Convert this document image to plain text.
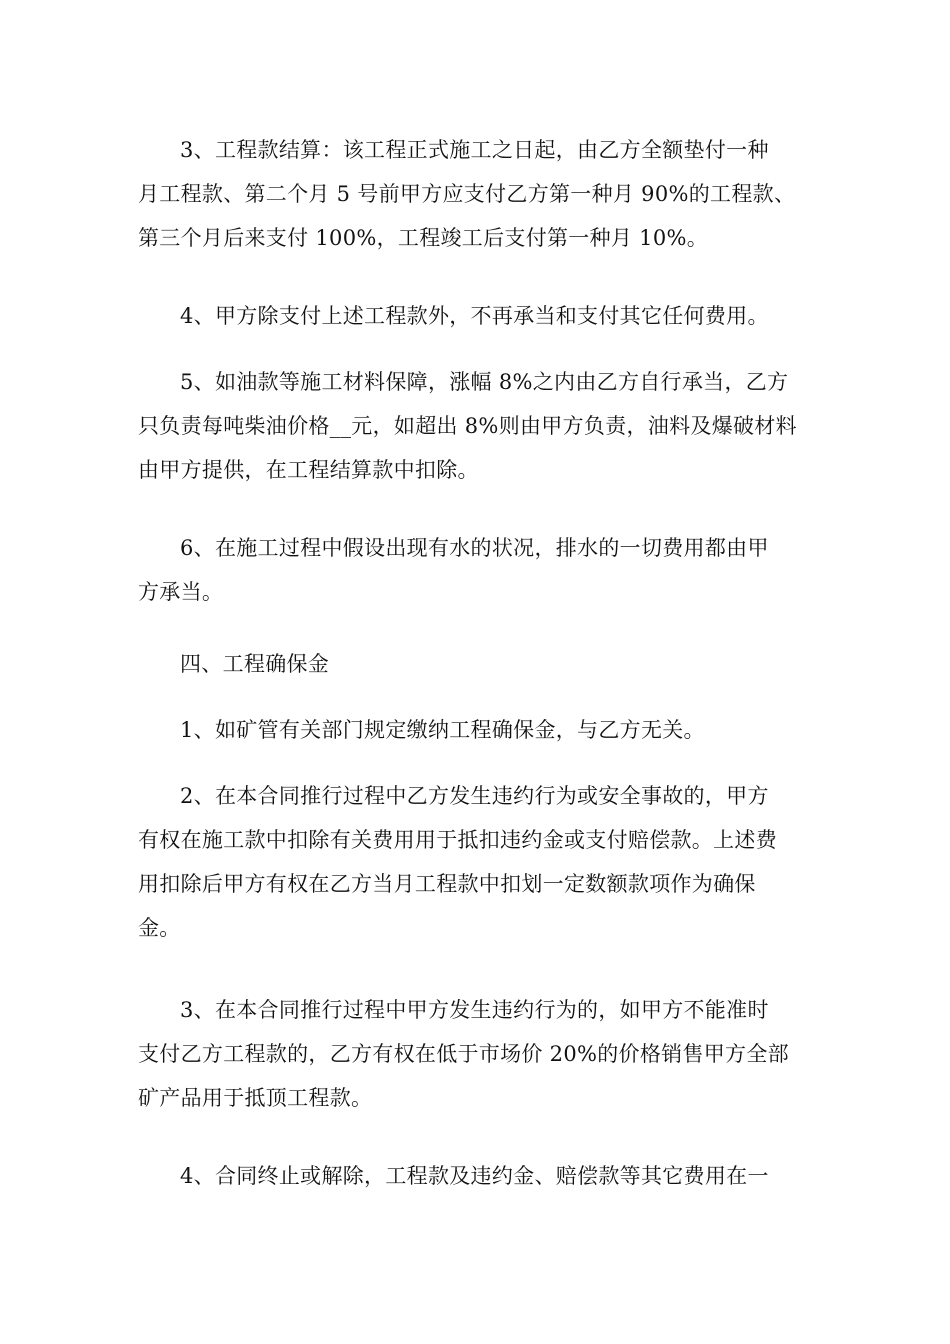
3、工程款结算：该工程正式施工之日起，由乙方全额垫付一种
月工程款、第二个月 5 号前甲方应支付乙方第一种月 90%的工程款、
第三个月后来支付 100%，工程竣工后支付第一种月 10%。

4、甲方除支付上述工程款外，不再承当和支付其它任何费用。

5、如油款等施工材料保障，涨幅 8%之内由乙方自行承当，乙方
只负责每吨柴油价格__元，如超出 8%则由甲方负责，油料及爆破材料
由甲方提供，在工程结算款中扣除。

6、在施工过程中假设出现有水的状况，排水的一切费用都由甲
方承当。

四、工程确保金

1、如矿管有关部门规定缴纳工程确保金，与乙方无关。

2、在本合同推行过程中乙方发生违约行为或安全事故的，甲方
有权在施工款中扣除有关费用用于抵扣违约金或支付赔偿款。上述费
用扣除后甲方有权在乙方当月工程款中扣划一定数额款项作为确保
金。

3、在本合同推行过程中甲方发生违约行为的，如甲方不能准时
支付乙方工程款的，乙方有权在低于市场价 20%的价格销售甲方全部
矿产品用于抵顶工程款。

4、合同终止或解除，工程款及违约金、赔偿款等其它费用在一
